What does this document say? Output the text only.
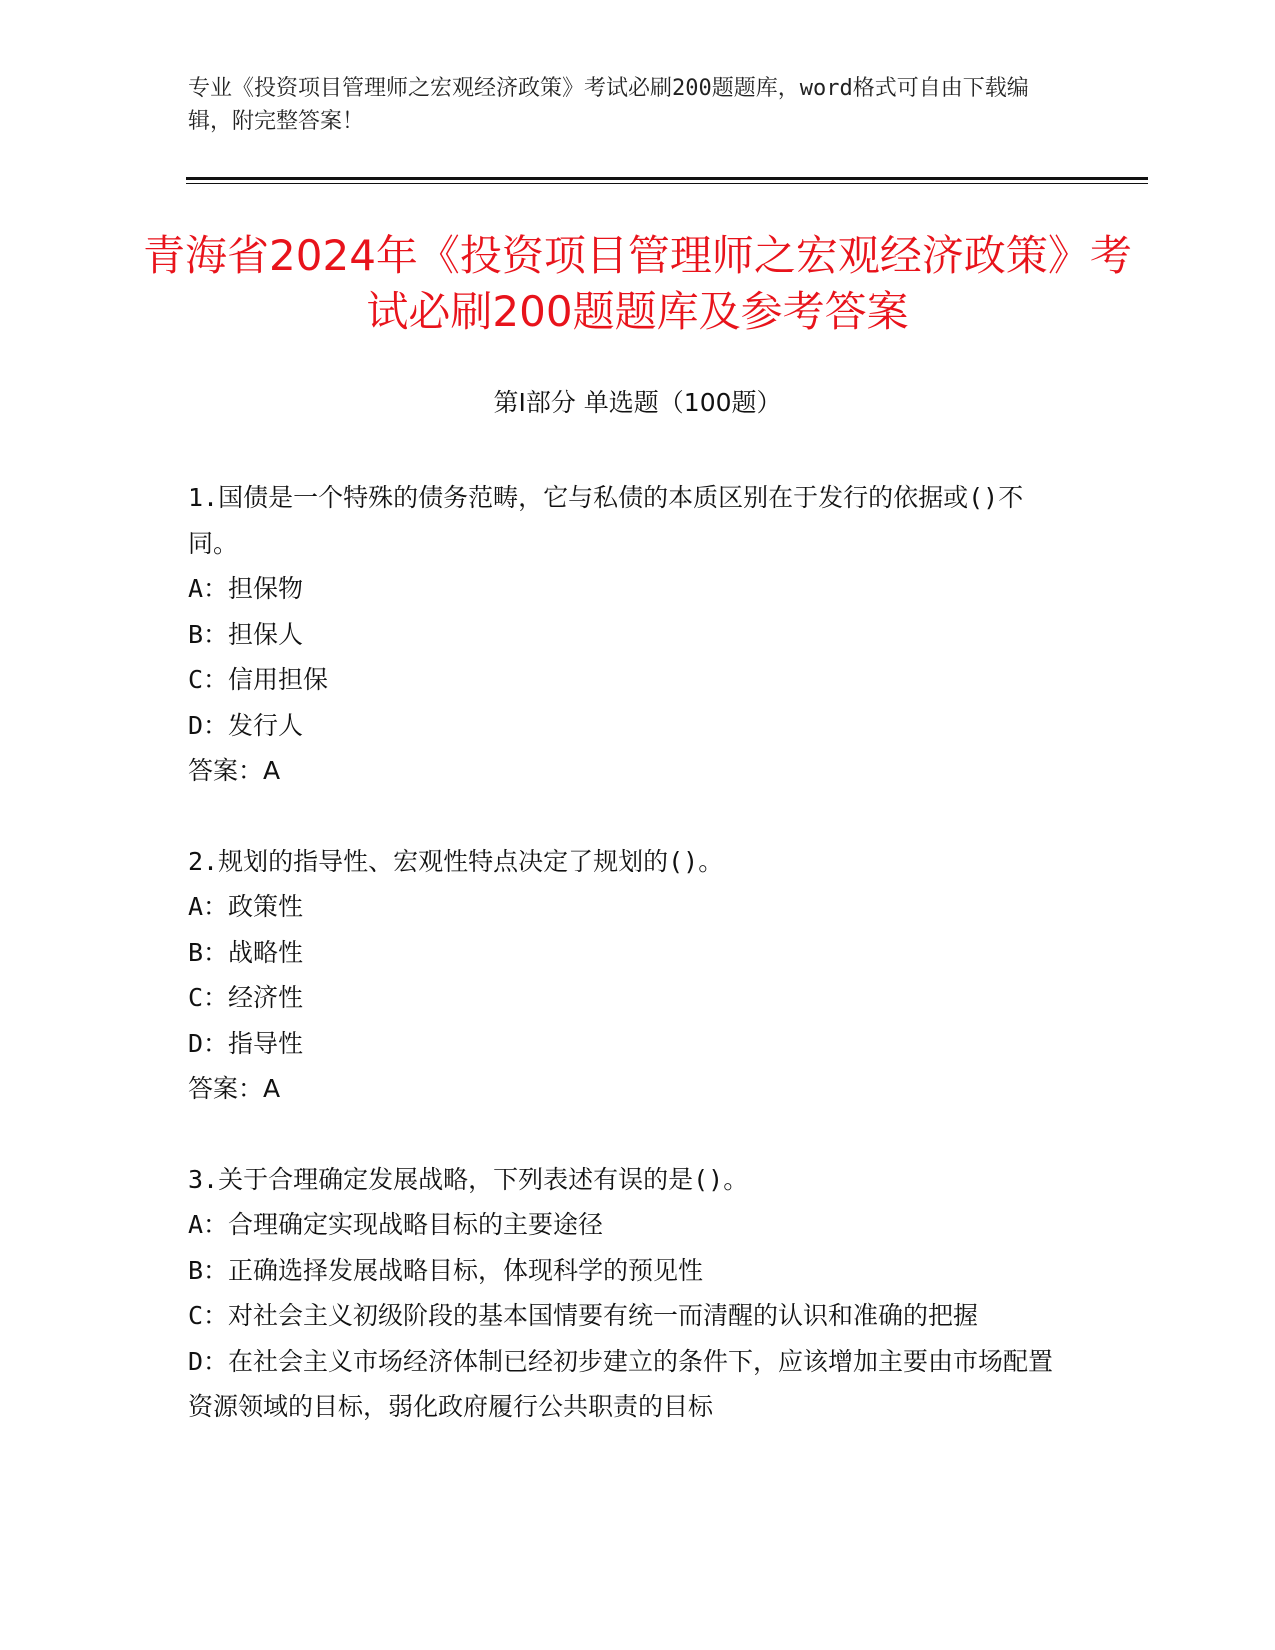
专业《投资项目管理师之宏观经济政策》考试必刷200题题库，word格式可自由下载编辑，附完整答案！

青海省2024年《投资项目管理师之宏观经济政策》考试必刷200题题库及参考答案
第I部分 单选题（100题）

1.国债是一个特殊的债务范畴，它与私债的本质区别在于发行的依据或()不同。

A：担保物

B：担保人

C：信用担保

D：发行人

答案：A

2.规划的指导性、宏观性特点决定了规划的()。

A：政策性

B：战略性

C：经济性

D：指导性

答案：A

3.关于合理确定发展战略，下列表述有误的是()。

A：合理确定实现战略目标的主要途径

B：正确选择发展战略目标，体现科学的预见性

C：对社会主义初级阶段的基本国情要有统一而清醒的认识和准确的把握

D：在社会主义市场经济体制已经初步建立的条件下，应该增加主要由市场配置资源领域的目标，弱化政府履行公共职责的目标
